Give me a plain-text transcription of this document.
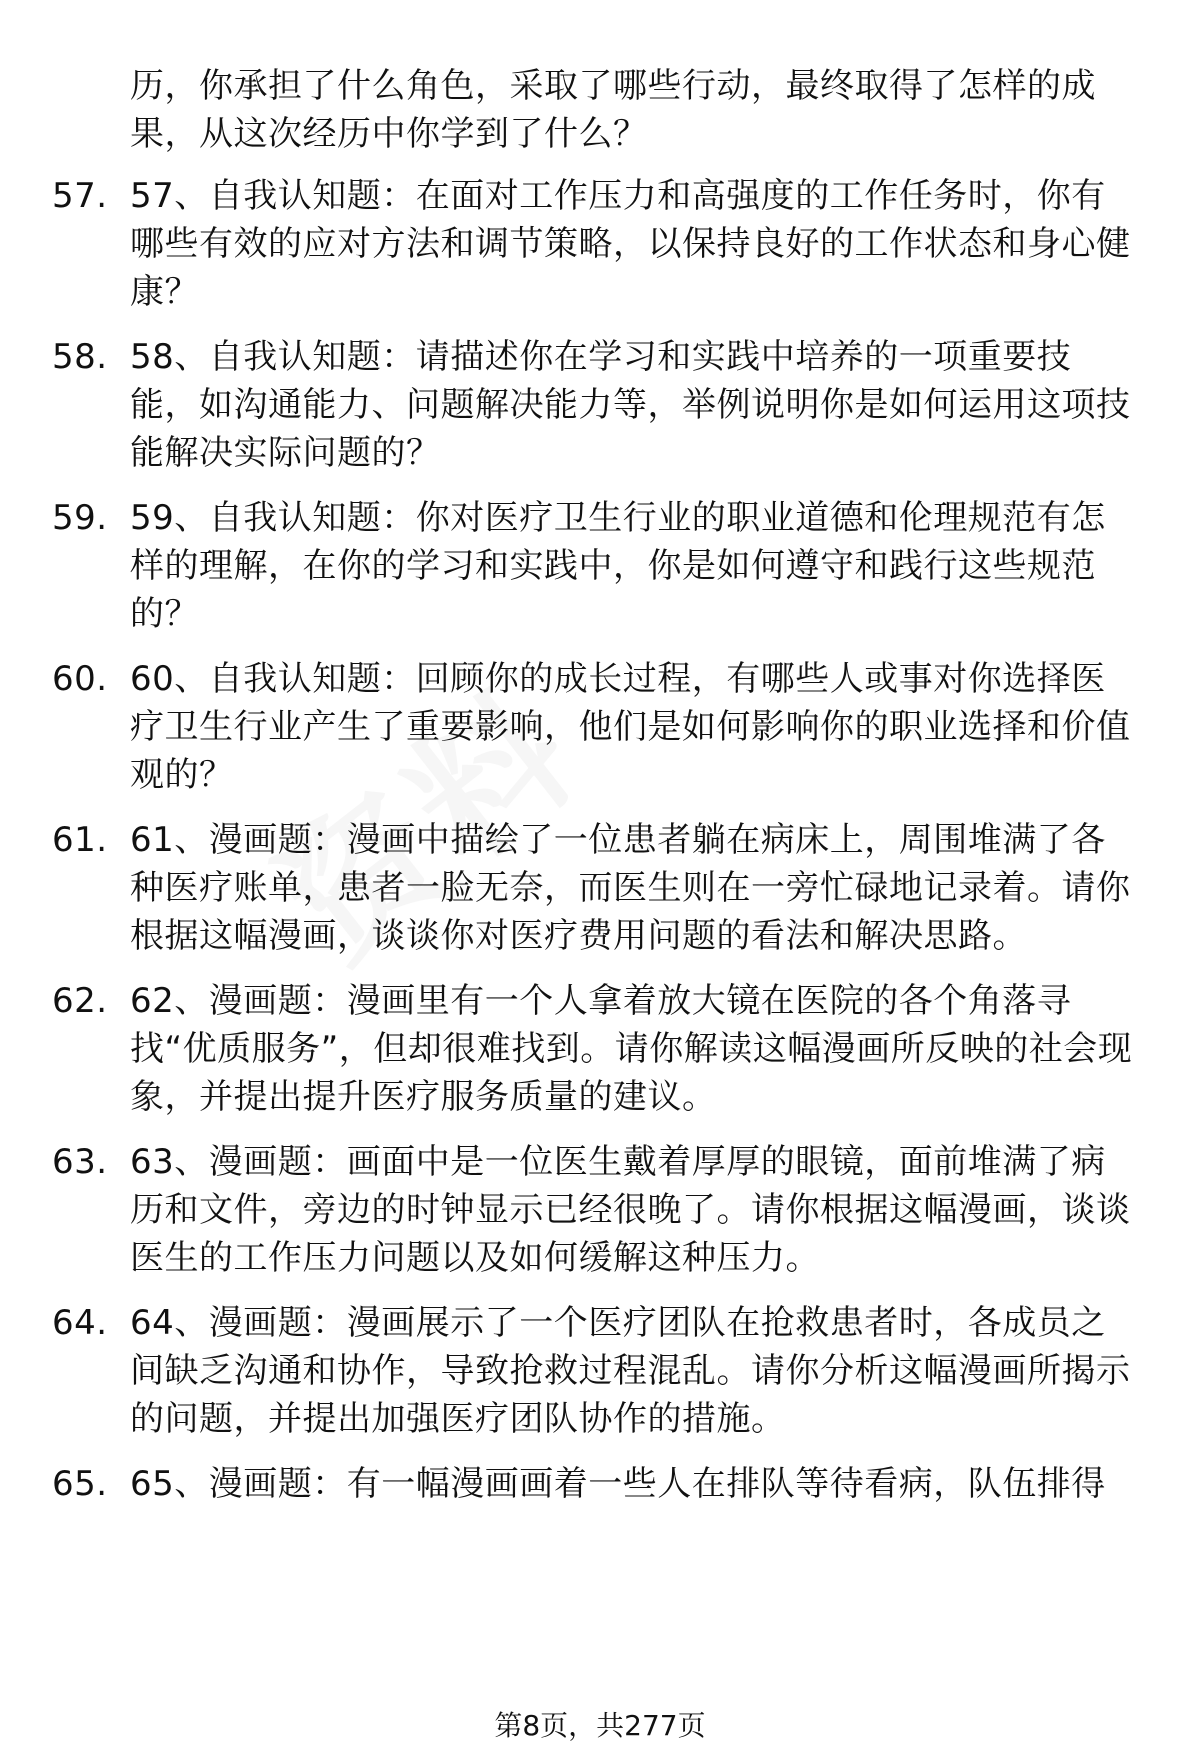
历，你承担了什么角色，采取了哪些行动，最终取得了怎样的成果，从这次经历中你学到了什么？
57. 57、自我认知题：在面对工作压力和高强度的工作任务时，你有哪些有效的应对方法和调节策略，以保持良好的工作状态和身心健康？
58. 58、自我认知题：请描述你在学习和实践中培养的一项重要技能，如沟通能力、问题解决能力等，举例说明你是如何运用这项技能解决实际问题的？
59. 59、自我认知题：你对医疗卫生行业的职业道德和伦理规范有怎样的理解，在你的学习和实践中，你是如何遵守和践行这些规范的？
60. 60、自我认知题：回顾你的成长过程，有哪些人或事对你选择医疗卫生行业产生了重要影响，他们是如何影响你的职业选择和价值观的？
61. 61、漫画题：漫画中描绘了一位患者躺在病床上，周围堆满了各种医疗账单，患者一脸无奈，而医生则在一旁忙碌地记录着。请你根据这幅漫画，谈谈你对医疗费用问题的看法和解决思路。
62. 62、漫画题：漫画里有一个人拿着放大镜在医院的各个角落寻找“优质服务”，但却很难找到。请你解读这幅漫画所反映的社会现象，并提出提升医疗服务质量的建议。
63. 63、漫画题：画面中是一位医生戴着厚厚的眼镜，面前堆满了病历和文件，旁边的时钟显示已经很晚了。请你根据这幅漫画，谈谈医生的工作压力问题以及如何缓解这种压力。
64. 64、漫画题：漫画展示了一个医疗团队在抢救患者时，各成员之间缺乏沟通和协作，导致抢救过程混乱。请你分析这幅漫画所揭示的问题，并提出加强医疗团队协作的措施。
65. 65、漫画题：有一幅漫画画着一些人在排队等待看病，队伍排得
第8页，共277页
